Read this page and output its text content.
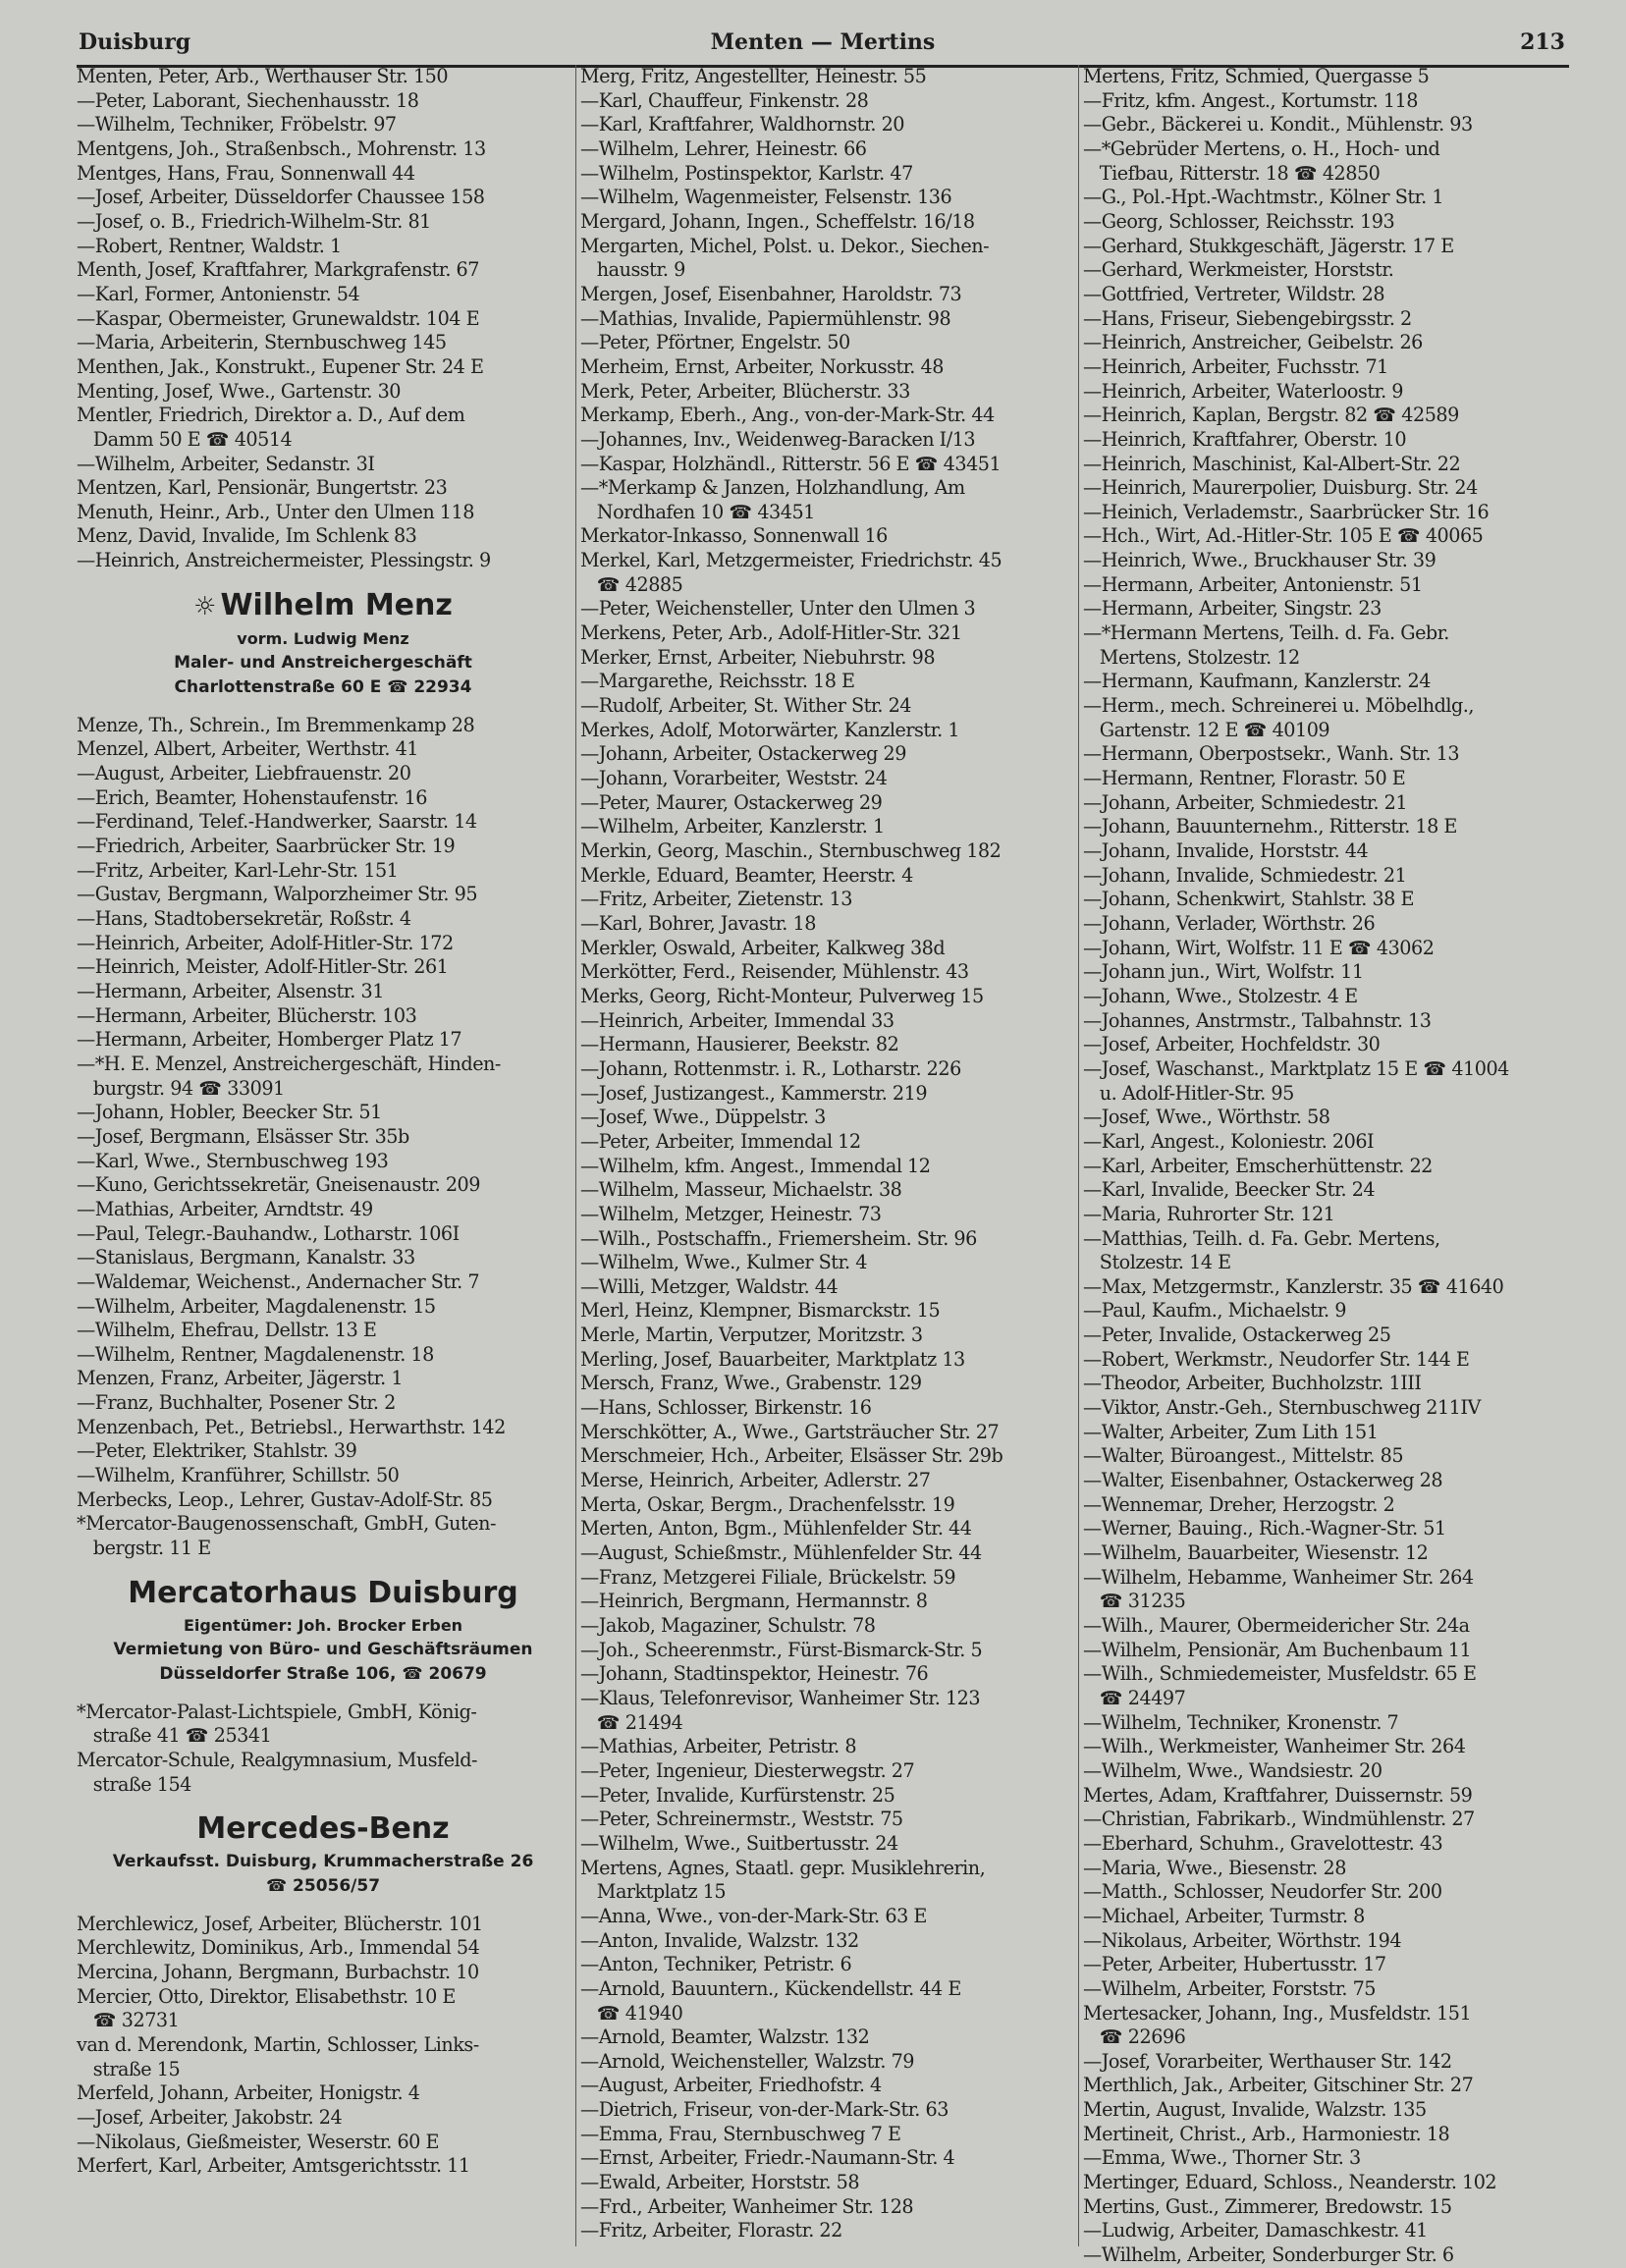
Duisburg	Menten — Mertins	213
Menten, Peter, Arb., Werthauser Str. 150
—Peter, Laborant, Siechenhausstr. 18
—Wilhelm, Techniker, Fröbelstr. 97
Mentgens, Joh., Straßenbsch., Mohrenstr. 13
Mentges, Hans, Frau, Sonnenwall 44
—Josef, Arbeiter, Düsseldorfer Chaussee 158
—Josef, o. B., Friedrich-Wilhelm-Str. 81
—Robert, Rentner, Waldstr. 1
Menth, Josef, Kraftfahrer, Markgrafenstr. 67
—Karl, Former, Antonienstr. 54
—Kaspar, Obermeister, Grunewaldstr. 104 E
—Maria, Arbeiterin, Sternbuschweg 145
Menthen, Jak., Konstrukt., Eupener Str. 24 E
Menting, Josef, Wwe., Gartenstr. 30
Mentler, Friedrich, Direktor a. D., Auf dem
Damm 50 E ☎ 40514
—Wilhelm, Arbeiter, Sedanstr. 3I
Mentzen, Karl, Pensionär, Bungertstr. 23
Menuth, Heinr., Arb., Unter den Ulmen 118
Menz, David, Invalide, Im Schlenk 83
—Heinrich, Anstreichermeister, Plessingstr. 9
☼ Wilhelm Menz
vorm. Ludwig Menz
Maler- und Anstreichergeschäft
Charlottenstraße 60 E ☎ 22934
Menze, Th., Schrein., Im Bremmenkamp 28
Menzel, Albert, Arbeiter, Werthstr. 41
—August, Arbeiter, Liebfrauenstr. 20
—Erich, Beamter, Hohenstaufenstr. 16
—Ferdinand, Telef.-Handwerker, Saarstr. 14
—Friedrich, Arbeiter, Saarbrücker Str. 19
—Fritz, Arbeiter, Karl-Lehr-Str. 151
—Gustav, Bergmann, Walporzheimer Str. 95
—Hans, Stadtobersekretär, Roßstr. 4
—Heinrich, Arbeiter, Adolf-Hitler-Str. 172
—Heinrich, Meister, Adolf-Hitler-Str. 261
—Hermann, Arbeiter, Alsenstr. 31
—Hermann, Arbeiter, Blücherstr. 103
—Hermann, Arbeiter, Homberger Platz 17
—*H. E. Menzel, Anstreichergeschäft, Hinden-
burgstr. 94 ☎ 33091
—Johann, Hobler, Beecker Str. 51
—Josef, Bergmann, Elsässer Str. 35b
—Karl, Wwe., Sternbuschweg 193
—Kuno, Gerichtssekretär, Gneisenaustr. 209
—Mathias, Arbeiter, Arndtstr. 49
—Paul, Telegr.-Bauhandw., Lotharstr. 106I
—Stanislaus, Bergmann, Kanalstr. 33
—Waldemar, Weichenst., Andernacher Str. 7
—Wilhelm, Arbeiter, Magdalenenstr. 15
—Wilhelm, Ehefrau, Dellstr. 13 E
—Wilhelm, Rentner, Magdalenenstr. 18
Menzen, Franz, Arbeiter, Jägerstr. 1
—Franz, Buchhalter, Posener Str. 2
Menzenbach, Pet., Betriebsl., Herwarthstr. 142
—Peter, Elektriker, Stahlstr. 39
—Wilhelm, Kranführer, Schillstr. 50
Merbecks, Leop., Lehrer, Gustav-Adolf-Str. 85
*Mercator-Baugenossenschaft, GmbH, Guten-
bergstr. 11 E
Mercatorhaus Duisburg
Eigentümer: Joh. Brocker Erben
Vermietung von Büro- und Geschäftsräumen
Düsseldorfer Straße 106, ☎ 20679
*Mercator-Palast-Lichtspiele, GmbH, König-
straße 41 ☎ 25341
Mercator-Schule, Realgymnasium, Musfeld-
straße 154
Mercedes-Benz
Verkaufsst. Duisburg, Krummacherstraße 26
☎ 25056/57
Merchlewicz, Josef, Arbeiter, Blücherstr. 101
Merchlewitz, Dominikus, Arb., Immendal 54
Mercina, Johann, Bergmann, Burbachstr. 10
Mercier, Otto, Direktor, Elisabethstr. 10 E
☎ 32731
van d. Merendonk, Martin, Schlosser, Links-
straße 15
Merfeld, Johann, Arbeiter, Honigstr. 4
—Josef, Arbeiter, Jakobstr. 24
—Nikolaus, Gießmeister, Weserstr. 60 E
Merfert, Karl, Arbeiter, Amtsgerichtsstr. 11
Merg, Fritz, Angestellter, Heinestr. 55
—Karl, Chauffeur, Finkenstr. 28
—Karl, Kraftfahrer, Waldhornstr. 20
—Wilhelm, Lehrer, Heinestr. 66
—Wilhelm, Postinspektor, Karlstr. 47
—Wilhelm, Wagenmeister, Felsenstr. 136
Mergard, Johann, Ingen., Scheffelstr. 16/18
Mergarten, Michel, Polst. u. Dekor., Siechen-
hausstr. 9
Mergen, Josef, Eisenbahner, Haroldstr. 73
—Mathias, Invalide, Papiermühlenstr. 98
—Peter, Pförtner, Engelstr. 50
Merheim, Ernst, Arbeiter, Norkusstr. 48
Merk, Peter, Arbeiter, Blücherstr. 33
Merkamp, Eberh., Ang., von-der-Mark-Str. 44
—Johannes, Inv., Weidenweg-Baracken I/13
—Kaspar, Holzhändl., Ritterstr. 56 E ☎ 43451
—*Merkamp & Janzen, Holzhandlung, Am
Nordhafen 10 ☎ 43451
Merkator-Inkasso, Sonnenwall 16
Merkel, Karl, Metzgermeister, Friedrichstr. 45
☎ 42885
—Peter, Weichensteller, Unter den Ulmen 3
Merkens, Peter, Arb., Adolf-Hitler-Str. 321
Merker, Ernst, Arbeiter, Niebuhrstr. 98
—Margarethe, Reichsstr. 18 E
—Rudolf, Arbeiter, St. Wither Str. 24
Merkes, Adolf, Motorwärter, Kanzlerstr. 1
—Johann, Arbeiter, Ostackerweg 29
—Johann, Vorarbeiter, Weststr. 24
—Peter, Maurer, Ostackerweg 29
—Wilhelm, Arbeiter, Kanzlerstr. 1
Merkin, Georg, Maschin., Sternbuschweg 182
Merkle, Eduard, Beamter, Heerstr. 4
—Fritz, Arbeiter, Zietenstr. 13
—Karl, Bohrer, Javastr. 18
Merkler, Oswald, Arbeiter, Kalkweg 38d
Merkötter, Ferd., Reisender, Mühlenstr. 43
Merks, Georg, Richt-Monteur, Pulverweg 15
—Heinrich, Arbeiter, Immendal 33
—Hermann, Hausierer, Beekstr. 82
—Johann, Rottenmstr. i. R., Lotharstr. 226
—Josef, Justizangest., Kammerstr. 219
—Josef, Wwe., Düppelstr. 3
—Peter, Arbeiter, Immendal 12
—Wilhelm, kfm. Angest., Immendal 12
—Wilhelm, Masseur, Michaelstr. 38
—Wilhelm, Metzger, Heinestr. 73
—Wilh., Postschaffn., Friemersheim. Str. 96
—Wilhelm, Wwe., Kulmer Str. 4
—Willi, Metzger, Waldstr. 44
Merl, Heinz, Klempner, Bismarckstr. 15
Merle, Martin, Verputzer, Moritzstr. 3
Merling, Josef, Bauarbeiter, Marktplatz 13
Mersch, Franz, Wwe., Grabenstr. 129
—Hans, Schlosser, Birkenstr. 16
Merschkötter, A., Wwe., Gartsträucher Str. 27
Merschmeier, Hch., Arbeiter, Elsässer Str. 29b
Merse, Heinrich, Arbeiter, Adlerstr. 27
Merta, Oskar, Bergm., Drachenfelsstr. 19
Merten, Anton, Bgm., Mühlenfelder Str. 44
—August, Schießmstr., Mühlenfelder Str. 44
—Franz, Metzgerei Filiale, Brückelstr. 59
—Heinrich, Bergmann, Hermannstr. 8
—Jakob, Magaziner, Schulstr. 78
—Joh., Scheerenmstr., Fürst-Bismarck-Str. 5
—Johann, Stadtinspektor, Heinestr. 76
—Klaus, Telefonrevisor, Wanheimer Str. 123
☎ 21494
—Mathias, Arbeiter, Petristr. 8
—Peter, Ingenieur, Diesterwegstr. 27
—Peter, Invalide, Kurfürstenstr. 25
—Peter, Schreinermstr., Weststr. 75
—Wilhelm, Wwe., Suitbertusstr. 24
Mertens, Agnes, Staatl. gepr. Musiklehrerin,
Marktplatz 15
—Anna, Wwe., von-der-Mark-Str. 63 E
—Anton, Invalide, Walzstr. 132
—Anton, Techniker, Petristr. 6
—Arnold, Bauuntern., Kückendellstr. 44 E
☎ 41940
—Arnold, Beamter, Walzstr. 132
—Arnold, Weichensteller, Walzstr. 79
—August, Arbeiter, Friedhofstr. 4
—Dietrich, Friseur, von-der-Mark-Str. 63
—Emma, Frau, Sternbuschweg 7 E
—Ernst, Arbeiter, Friedr.-Naumann-Str. 4
—Ewald, Arbeiter, Horststr. 58
—Frd., Arbeiter, Wanheimer Str. 128
—Fritz, Arbeiter, Florastr. 22
Mertens, Fritz, Schmied, Quergasse 5
—Fritz, kfm. Angest., Kortumstr. 118
—Gebr., Bäckerei u. Kondit., Mühlenstr. 93
—*Gebrüder Mertens, o. H., Hoch- und
Tiefbau, Ritterstr. 18 ☎ 42850
—G., Pol.-Hpt.-Wachtmstr., Kölner Str. 1
—Georg, Schlosser, Reichsstr. 193
—Gerhard, Stukkgeschäft, Jägerstr. 17 E
—Gerhard, Werkmeister, Horststr.
—Gottfried, Vertreter, Wildstr. 28
—Hans, Friseur, Siebengebirgsstr. 2
—Heinrich, Anstreicher, Geibelstr. 26
—Heinrich, Arbeiter, Fuchsstr. 71
—Heinrich, Arbeiter, Waterloostr. 9
—Heinrich, Kaplan, Bergstr. 82 ☎ 42589
—Heinrich, Kraftfahrer, Oberstr. 10
—Heinrich, Maschinist, Kal-Albert-Str. 22
—Heinrich, Maurerpolier, Duisburg. Str. 24
—Heinich, Verlademstr., Saarbrücker Str. 16
—Hch., Wirt, Ad.-Hitler-Str. 105 E ☎ 40065
—Heinrich, Wwe., Bruckhauser Str. 39
—Hermann, Arbeiter, Antonienstr. 51
—Hermann, Arbeiter, Singstr. 23
—*Hermann Mertens, Teilh. d. Fa. Gebr.
Mertens, Stolzestr. 12
—Hermann, Kaufmann, Kanzlerstr. 24
—Herm., mech. Schreinerei u. Möbelhdlg.,
Gartenstr. 12 E ☎ 40109
—Hermann, Oberpostsekr., Wanh. Str. 13
—Hermann, Rentner, Florastr. 50 E
—Johann, Arbeiter, Schmiedestr. 21
—Johann, Bauunternehm., Ritterstr. 18 E
—Johann, Invalide, Horststr. 44
—Johann, Invalide, Schmiedestr. 21
—Johann, Schenkwirt, Stahlstr. 38 E
—Johann, Verlader, Wörthstr. 26
—Johann, Wirt, Wolfstr. 11 E ☎ 43062
—Johann jun., Wirt, Wolfstr. 11
—Johann, Wwe., Stolzestr. 4 E
—Johannes, Anstrmstr., Talbahnstr. 13
—Josef, Arbeiter, Hochfeldstr. 30
—Josef, Waschanst., Marktplatz 15 E ☎ 41004
u. Adolf-Hitler-Str. 95
—Josef, Wwe., Wörthstr. 58
—Karl, Angest., Koloniestr. 206I
—Karl, Arbeiter, Emscherhüttenstr. 22
—Karl, Invalide, Beecker Str. 24
—Maria, Ruhrorter Str. 121
—Matthias, Teilh. d. Fa. Gebr. Mertens,
Stolzestr. 14 E
—Max, Metzgermstr., Kanzlerstr. 35 ☎ 41640
—Paul, Kaufm., Michaelstr. 9
—Peter, Invalide, Ostackerweg 25
—Robert, Werkmstr., Neudorfer Str. 144 E
—Theodor, Arbeiter, Buchholzstr. 1III
—Viktor, Anstr.-Geh., Sternbuschweg 211IV
—Walter, Arbeiter, Zum Lith 151
—Walter, Büroangest., Mittelstr. 85
—Walter, Eisenbahner, Ostackerweg 28
—Wennemar, Dreher, Herzogstr. 2
—Werner, Bauing., Rich.-Wagner-Str. 51
—Wilhelm, Bauarbeiter, Wiesenstr. 12
—Wilhelm, Hebamme, Wanheimer Str. 264
☎ 31235
—Wilh., Maurer, Obermeidericher Str. 24a
—Wilhelm, Pensionär, Am Buchenbaum 11
—Wilh., Schmiedemeister, Musfeldstr. 65 E
☎ 24497
—Wilhelm, Techniker, Kronenstr. 7
—Wilh., Werkmeister, Wanheimer Str. 264
—Wilhelm, Wwe., Wandsiestr. 20
Mertes, Adam, Kraftfahrer, Duissernstr. 59
—Christian, Fabrikarb., Windmühlenstr. 27
—Eberhard, Schuhm., Gravelottestr. 43
—Maria, Wwe., Biesenstr. 28
—Matth., Schlosser, Neudorfer Str. 200
—Michael, Arbeiter, Turmstr. 8
—Nikolaus, Arbeiter, Wörthstr. 194
—Peter, Arbeiter, Hubertusstr. 17
—Wilhelm, Arbeiter, Forststr. 75
Mertesacker, Johann, Ing., Musfeldstr. 151
☎ 22696
—Josef, Vorarbeiter, Werthauser Str. 142
Merthlich, Jak., Arbeiter, Gitschiner Str. 27
Mertin, August, Invalide, Walzstr. 135
Mertineit, Christ., Arb., Harmoniestr. 18
—Emma, Wwe., Thorner Str. 3
Mertinger, Eduard, Schloss., Neanderstr. 102
Mertins, Gust., Zimmerer, Bredowstr. 15
—Ludwig, Arbeiter, Damaschkestr. 41
—Wilhelm, Arbeiter, Sonderburger Str. 6
